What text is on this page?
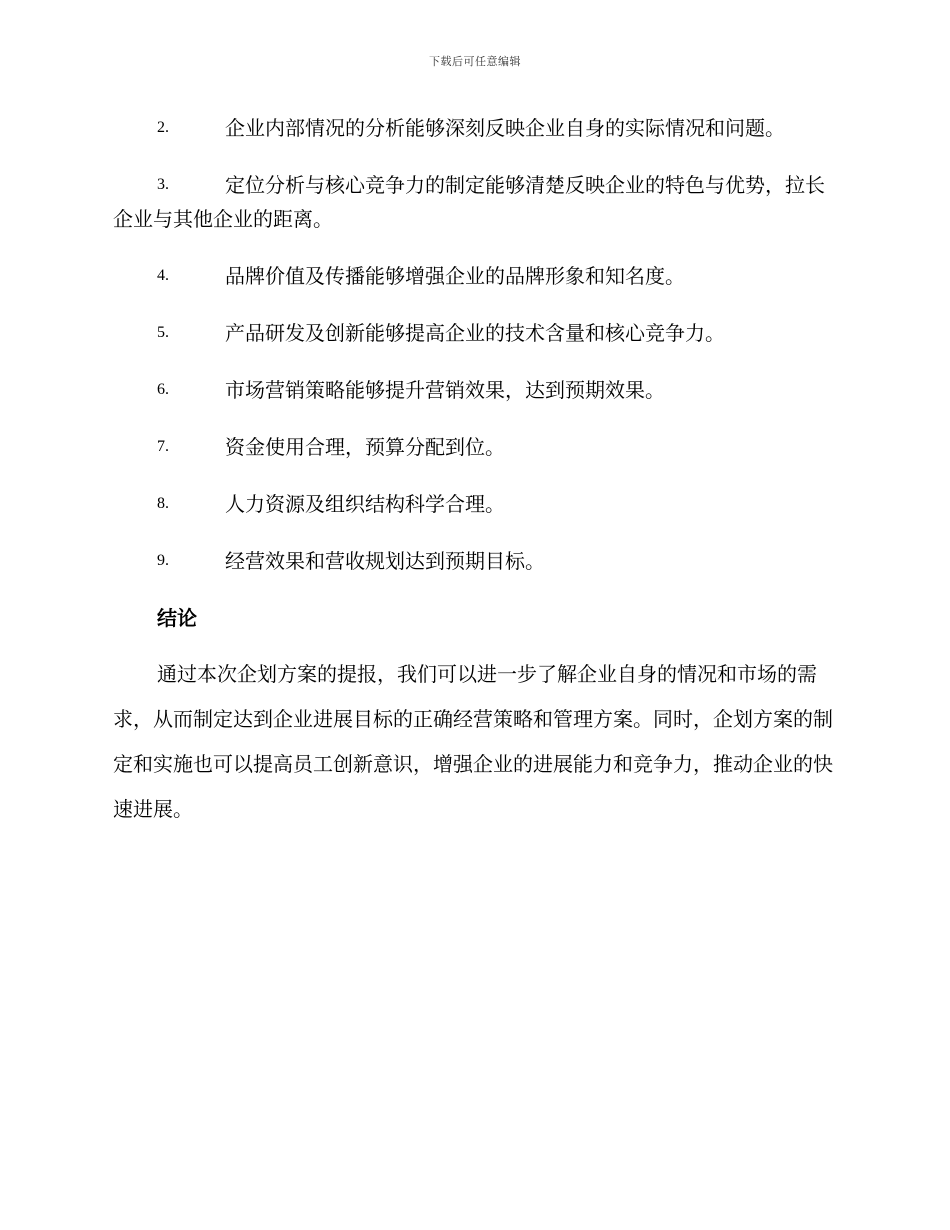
下载后可任意编辑
2.	企业内部情况的分析能够深刻反映企业自身的实际情况和问题。
3.	定位分析与核心竞争力的制定能够清楚反映企业的特色与优势，拉长企业与其他企业的距离。
4.	品牌价值及传播能够增强企业的品牌形象和知名度。
5.	产品研发及创新能够提高企业的技术含量和核心竞争力。
6.	市场营销策略能够提升营销效果，达到预期效果。
7.	资金使用合理，预算分配到位。
8.	人力资源及组织结构科学合理。
9.	经营效果和营收规划达到预期目标。
结论
通过本次企划方案的提报，我们可以进一步了解企业自身的情况和市场的需求，从而制定达到企业进展目标的正确经营策略和管理方案。同时，企划方案的制定和实施也可以提高员工创新意识，增强企业的进展能力和竞争力，推动企业的快速进展。
